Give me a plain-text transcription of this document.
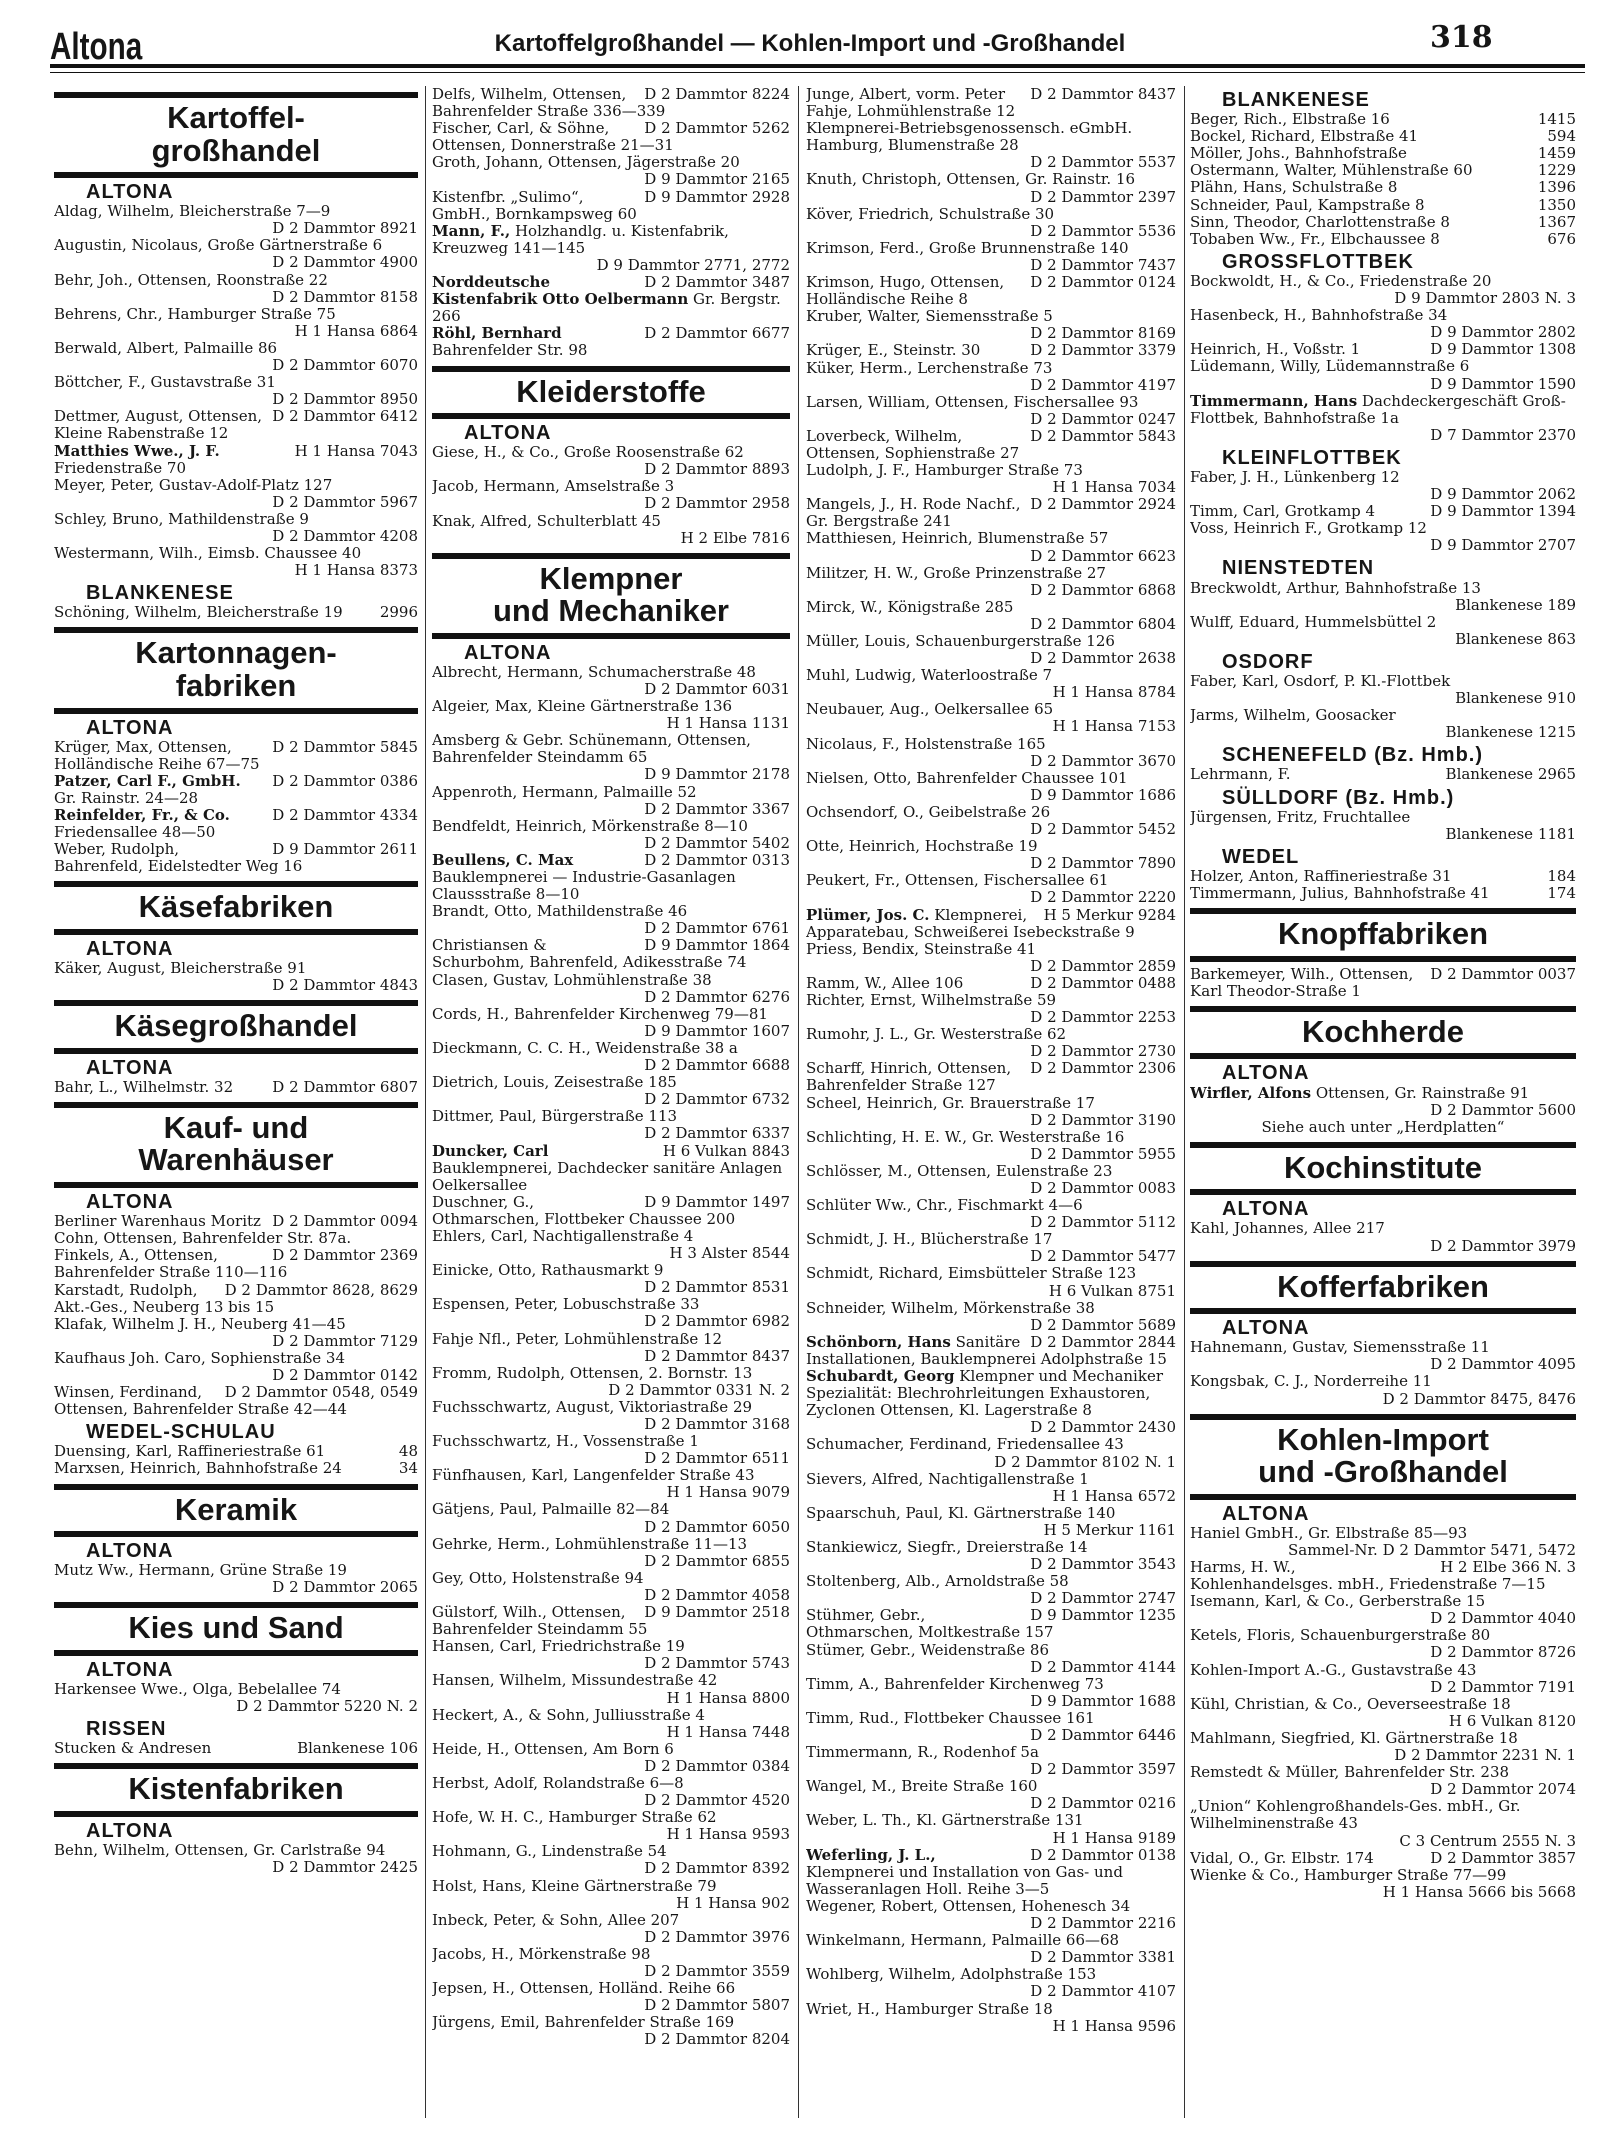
Altona	Kartoffelgroßhandel — Kohlen-Import und -Großhandel	318
Kartoffel-
großhandel
ALTONA
Aldag, Wilhelm, Bleicherstraße 7—9
D 2 Dammtor 8921
Augustin, Nicolaus, Große Gärtnerstraße 6
D 2 Dammtor 4900
Behr, Joh., Ottensen, Roonstraße 22
D 2 Dammtor 8158
Behrens, Chr., Hamburger Straße 75
H 1 Hansa 6864
Berwald, Albert, Palmaille 86
D 2 Dammtor 6070
Böttcher, F., Gustavstraße 31
D 2 Dammtor 8950
D 2 Dammtor 6412
Dettmer, August, Ottensen, Kleine Rabenstraße 12
H 1 Hansa 7043
Matthies Wwe., J. F. Friedenstraße 70
Meyer, Peter, Gustav-Adolf-Platz 127
D 2 Dammtor 5967
Schley, Bruno, Mathildenstraße 9
D 2 Dammtor 4208
Westermann, Wilh., Eimsb. Chaussee 40
H 1 Hansa 8373
BLANKENESE
2996
Schöning, Wilhelm, Bleicherstraße 19
Kartonnagen-
fabriken
ALTONA
D 2 Dammtor 5845
Krüger, Max, Ottensen, Holländische Reihe 67—75
D 2 Dammtor 0386
Patzer, Carl F., GmbH. Gr. Rainstr. 24—28
D 2 Dammtor 4334
Reinfelder, Fr., & Co. Friedensallee 48—50
D 9 Dammtor 2611
Weber, Rudolph, Bahrenfeld, Eidelstedter Weg 16
Käsefabriken
ALTONA
Käker, August, Bleicherstraße 91
D 2 Dammtor 4843
Käsegroßhandel
ALTONA
D 2 Dammtor 6807
Bahr, L., Wilhelmstr. 32
Kauf- und
Warenhäuser
ALTONA
D 2 Dammtor 0094
Berliner Warenhaus Moritz Cohn, Ottensen, Bahrenfelder Str. 87a.
D 2 Dammtor 2369
Finkels, A., Ottensen, Bahrenfelder Straße 110—116
D 2 Dammtor 8628, 8629
Karstadt, Rudolph, Akt.-Ges., Neuberg 13 bis 15
Klafak, Wilhelm J. H., Neuberg 41—45
D 2 Dammtor 7129
Kaufhaus Joh. Caro, Sophienstraße 34
D 2 Dammtor 0142
D 2 Dammtor 0548, 0549
Winsen, Ferdinand, Ottensen, Bahrenfelder Straße 42—44
WEDEL-SCHULAU
48
Duensing, Karl, Raffineriestraße 61
34
Marxsen, Heinrich, Bahnhofstraße 24
Keramik
ALTONA
Mutz Ww., Hermann, Grüne Straße 19
D 2 Dammtor 2065
Kies und Sand
ALTONA
Harkensee Wwe., Olga, Bebelallee 74
D 2 Dammtor 5220 N. 2
RISSEN
Blankenese 106
Stucken & Andresen
Kistenfabriken
ALTONA
Behn, Wilhelm, Ottensen, Gr. Carlstraße 94
D 2 Dammtor 2425
D 2 Dammtor 8224
Delfs, Wilhelm, Ottensen, Bahrenfelder Straße 336—339
D 2 Dammtor 5262
Fischer, Carl, & Söhne, Ottensen, Donnerstraße 21—31
Groth, Johann, Ottensen, Jägerstraße 20
D 9 Dammtor 2165
D 9 Dammtor 2928
Kistenfbr. „Sulimo“, GmbH., Bornkampsweg 60
Mann, F., Holzhandlg. u. Kistenfabrik, Kreuzweg 141—145
D 9 Dammtor 2771, 2772
D 2 Dammtor 3487
Norddeutsche Kistenfabrik Otto Oelbermann Gr. Bergstr. 266
D 2 Dammtor 6677
Röhl, Bernhard Bahrenfelder Str. 98
Kleiderstoffe
ALTONA
Giese, H., & Co., Große Roosenstraße 62
D 2 Dammtor 8893
Jacob, Hermann, Amselstraße 3
D 2 Dammtor 2958
Knak, Alfred, Schulterblatt 45
H 2 Elbe 7816
Klempner
und Mechaniker
ALTONA
Albrecht, Hermann, Schumacherstraße 48
D 2 Dammtor 6031
Algeier, Max, Kleine Gärtnerstraße 136
H 1 Hansa 1131
Amsberg & Gebr. Schünemann, Ottensen, Bahrenfelder Steindamm 65
D 9 Dammtor 2178
Appenroth, Hermann, Palmaille 52
D 2 Dammtor 3367
Bendfeldt, Heinrich, Mörkenstraße 8—10
D 2 Dammtor 5402
D 2 Dammtor 0313
Beullens, C. Max Bauklempnerei — Industrie-Gasanlagen Claussstraße 8—10
Brandt, Otto, Mathildenstraße 46
D 2 Dammtor 6761
D 9 Dammtor 1864
Christiansen & Schurbohm, Bahrenfeld, Adikesstraße 74
Clasen, Gustav, Lohmühlenstraße 38
D 2 Dammtor 6276
Cords, H., Bahrenfelder Kirchenweg 79—81
D 9 Dammtor 1607
Dieckmann, C. C. H., Weidenstraße 38 a
D 2 Dammtor 6688
Dietrich, Louis, Zeisestraße 185
D 2 Dammtor 6732
Dittmer, Paul, Bürgerstraße 113
D 2 Dammtor 6337
H 6 Vulkan 8843
Duncker, Carl Bauklempnerei, Dachdecker sanitäre Anlagen Oelkersallee
D 9 Dammtor 1497
Duschner, G., Othmarschen, Flottbeker Chaussee 200
Ehlers, Carl, Nachtigallenstraße 4
H 3 Alster 8544
Einicke, Otto, Rathausmarkt 9
D 2 Dammtor 8531
Espensen, Peter, Lobuschstraße 33
D 2 Dammtor 6982
Fahje Nfl., Peter, Lohmühlenstraße 12
D 2 Dammtor 8437
Fromm, Rudolph, Ottensen, 2. Bornstr. 13
D 2 Dammtor 0331 N. 2
Fuchsschwartz, August, Viktoriastraße 29
D 2 Dammtor 3168
Fuchsschwartz, H., Vossenstraße 1
D 2 Dammtor 6511
Fünfhausen, Karl, Langenfelder Straße 43
H 1 Hansa 9079
Gätjens, Paul, Palmaille 82—84
D 2 Dammtor 6050
Gehrke, Herm., Lohmühlenstraße 11—13
D 2 Dammtor 6855
Gey, Otto, Holstenstraße 94
D 2 Dammtor 4058
D 9 Dammtor 2518
Gülstorf, Wilh., Ottensen, Bahrenfelder Steindamm 55
Hansen, Carl, Friedrichstraße 19
D 2 Dammtor 5743
Hansen, Wilhelm, Missundestraße 42
H 1 Hansa 8800
Heckert, A., & Sohn, Julliusstraße 4
H 1 Hansa 7448
Heide, H., Ottensen, Am Born 6
D 2 Dammtor 0384
Herbst, Adolf, Rolandstraße 6—8
D 2 Dammtor 4520
Hofe, W. H. C., Hamburger Straße 62
H 1 Hansa 9593
Hohmann, G., Lindenstraße 54
D 2 Dammtor 8392
Holst, Hans, Kleine Gärtnerstraße 79
H 1 Hansa 902
Inbeck, Peter, & Sohn, Allee 207
D 2 Dammtor 3976
Jacobs, H., Mörkenstraße 98
D 2 Dammtor 3559
Jepsen, H., Ottensen, Holländ. Reihe 66
D 2 Dammtor 5807
Jürgens, Emil, Bahrenfelder Straße 169
D 2 Dammtor 8204
D 2 Dammtor 8437
Junge, Albert, vorm. Peter Fahje, Lohmühlenstraße 12
Klempnerei-Betriebsgenossensch. eGmbH. Hamburg, Blumenstraße 28
D 2 Dammtor 5537
Knuth, Christoph, Ottensen, Gr. Rainstr. 16
D 2 Dammtor 2397
Köver, Friedrich, Schulstraße 30
D 2 Dammtor 5536
Krimson, Ferd., Große Brunnenstraße 140
D 2 Dammtor 7437
D 2 Dammtor 0124
Krimson, Hugo, Ottensen, Holländische Reihe 8
Kruber, Walter, Siemensstraße 5
D 2 Dammtor 8169
D 2 Dammtor 3379
Krüger, E., Steinstr. 30
Küker, Herm., Lerchenstraße 73
D 2 Dammtor 4197
Larsen, William, Ottensen, Fischersallee 93
D 2 Dammtor 0247
D 2 Dammtor 5843
Loverbeck, Wilhelm, Ottensen, Sophienstraße 27
Ludolph, J. F., Hamburger Straße 73
H 1 Hansa 7034
D 2 Dammtor 2924
Mangels, J., H. Rode Nachf., Gr. Bergstraße 241
Matthiesen, Heinrich, Blumenstraße 57
D 2 Dammtor 6623
Militzer, H. W., Große Prinzenstraße 27
D 2 Dammtor 6868
Mirck, W., Königstraße 285
D 2 Dammtor 6804
Müller, Louis, Schauenburgerstraße 126
D 2 Dammtor 2638
Muhl, Ludwig, Waterloostraße 7
H 1 Hansa 8784
Neubauer, Aug., Oelkersallee 65
H 1 Hansa 7153
Nicolaus, F., Holstenstraße 165
D 2 Dammtor 3670
Nielsen, Otto, Bahrenfelder Chaussee 101
D 9 Dammtor 1686
Ochsendorf, O., Geibelstraße 26
D 2 Dammtor 5452
Otte, Heinrich, Hochstraße 19
D 2 Dammtor 7890
Peukert, Fr., Ottensen, Fischersallee 61
D 2 Dammtor 2220
H 5 Merkur 9284
Plümer, Jos. C. Klempnerei, Apparatebau, Schweißerei Isebeckstraße 9
Priess, Bendix, Steinstraße 41
D 2 Dammtor 2859
D 2 Dammtor 0488
Ramm, W., Allee 106
Richter, Ernst, Wilhelmstraße 59
D 2 Dammtor 2253
Rumohr, J. L., Gr. Westerstraße 62
D 2 Dammtor 2730
D 2 Dammtor 2306
Scharff, Hinrich, Ottensen, Bahrenfelder Straße 127
Scheel, Heinrich, Gr. Brauerstraße 17
D 2 Dammtor 3190
Schlichting, H. E. W., Gr. Westerstraße 16
D 2 Dammtor 5955
Schlösser, M., Ottensen, Eulenstraße 23
D 2 Dammtor 0083
Schlüter Ww., Chr., Fischmarkt 4—6
D 2 Dammtor 5112
Schmidt, J. H., Blücherstraße 17
D 2 Dammtor 5477
Schmidt, Richard, Eimsbütteler Straße 123
H 6 Vulkan 8751
Schneider, Wilhelm, Mörkenstraße 38
D 2 Dammtor 5689
D 2 Dammtor 2844
Schönborn, Hans Sanitäre Installationen, Bauklempnerei Adolphstraße 15
Schubardt, Georg Klempner und Mechaniker Spezialität: Blechrohrleitungen Exhaustoren, Zyclonen Ottensen, Kl. Lagerstraße 8
D 2 Dammtor 2430
Schumacher, Ferdinand, Friedensallee 43
D 2 Dammtor 8102 N. 1
Sievers, Alfred, Nachtigallenstraße 1
H 1 Hansa 6572
Spaarschuh, Paul, Kl. Gärtnerstraße 140
H 5 Merkur 1161
Stankiewicz, Siegfr., Dreierstraße 14
D 2 Dammtor 3543
Stoltenberg, Alb., Arnoldstraße 58
D 2 Dammtor 2747
D 9 Dammtor 1235
Stühmer, Gebr., Othmarschen, Moltkestraße 157
Stümer, Gebr., Weidenstraße 86
D 2 Dammtor 4144
Timm, A., Bahrenfelder Kirchenweg 73
D 9 Dammtor 1688
Timm, Rud., Flottbeker Chaussee 161
D 2 Dammtor 6446
Timmermann, R., Rodenhof 5a
D 2 Dammtor 3597
Wangel, M., Breite Straße 160
D 2 Dammtor 0216
Weber, L. Th., Kl. Gärtnerstraße 131
H 1 Hansa 9189
D 2 Dammtor 0138
Weferling, J. L., Klempnerei und Installation von Gas- und Wasseranlagen Holl. Reihe 3—5
Wegener, Robert, Ottensen, Hohenesch 34
D 2 Dammtor 2216
Winkelmann, Hermann, Palmaille 66—68
D 2 Dammtor 3381
Wohlberg, Wilhelm, Adolphstraße 153
D 2 Dammtor 4107
Wriet, H., Hamburger Straße 18
H 1 Hansa 9596
BLANKENESE
1415
Beger, Rich., Elbstraße 16
594
Bockel, Richard, Elbstraße 41
1459
Möller, Johs., Bahnhofstraße
1229
Ostermann, Walter, Mühlenstraße 60
1396
Plähn, Hans, Schulstraße 8
1350
Schneider, Paul, Kampstraße 8
1367
Sinn, Theodor, Charlottenstraße 8
676
Tobaben Ww., Fr., Elbchaussee 8
GROSSFLOTTBEK
Bockwoldt, H., & Co., Friedenstraße 20
D 9 Dammtor 2803 N. 3
Hasenbeck, H., Bahnhofstraße 34
D 9 Dammtor 2802
D 9 Dammtor 1308
Heinrich, H., Voßstr. 1
Lüdemann, Willy, Lüdemannstraße 6
D 9 Dammtor 1590
Timmermann, Hans Dachdeckergeschäft Groß-Flottbek, Bahnhofstraße 1a
D 7 Dammtor 2370
KLEINFLOTTBEK
Faber, J. H., Lünkenberg 12
D 9 Dammtor 2062
D 9 Dammtor 1394
Timm, Carl, Grotkamp 4
Voss, Heinrich F., Grotkamp 12
D 9 Dammtor 2707
NIENSTEDTEN
Breckwoldt, Arthur, Bahnhofstraße 13
Blankenese 189
Wulff, Eduard, Hummelsbüttel 2
Blankenese 863
OSDORF
Faber, Karl, Osdorf, P. Kl.-Flottbek
Blankenese 910
Jarms, Wilhelm, Goosacker
Blankenese 1215
SCHENEFELD (Bz. Hmb.)
Blankenese 2965
Lehrmann, F.
SÜLLDORF (Bz. Hmb.)
Jürgensen, Fritz, Fruchtallee
Blankenese 1181
WEDEL
184
Holzer, Anton, Raffineriestraße 31
174
Timmermann, Julius, Bahnhofstraße 41
Knopffabriken
D 2 Dammtor 0037
Barkemeyer, Wilh., Ottensen, Karl Theodor-Straße 1
Kochherde
ALTONA
Wirfler, Alfons Ottensen, Gr. Rainstraße 91
D 2 Dammtor 5600
Siehe auch unter „Herdplatten“
Kochinstitute
ALTONA
Kahl, Johannes, Allee 217
D 2 Dammtor 3979
Kofferfabriken
ALTONA
Hahnemann, Gustav, Siemensstraße 11
D 2 Dammtor 4095
Kongsbak, C. J., Norderreihe 11
D 2 Dammtor 8475, 8476
Kohlen-Import
und -Großhandel
ALTONA
Haniel GmbH., Gr. Elbstraße 85—93
Sammel-Nr. D 2 Dammtor 5471, 5472
H 2 Elbe 366 N. 3
Harms, H. W., Kohlenhandelsges. mbH., Friedenstraße 7—15
Isemann, Karl, & Co., Gerberstraße 15
D 2 Dammtor 4040
Ketels, Floris, Schauenburgerstraße 80
D 2 Dammtor 8726
Kohlen-Import A.-G., Gustavstraße 43
D 2 Dammtor 7191
Kühl, Christian, & Co., Oeverseestraße 18
H 6 Vulkan 8120
Mahlmann, Siegfried, Kl. Gärtnerstraße 18
D 2 Dammtor 2231 N. 1
Remstedt & Müller, Bahrenfelder Str. 238
D 2 Dammtor 2074
„Union“ Kohlengroßhandels-Ges. mbH., Gr. Wilhelminenstraße 43
C 3 Centrum 2555 N. 3
D 2 Dammtor 3857
Vidal, O., Gr. Elbstr. 174
Wienke & Co., Hamburger Straße 77—99
H 1 Hansa 5666 bis 5668
